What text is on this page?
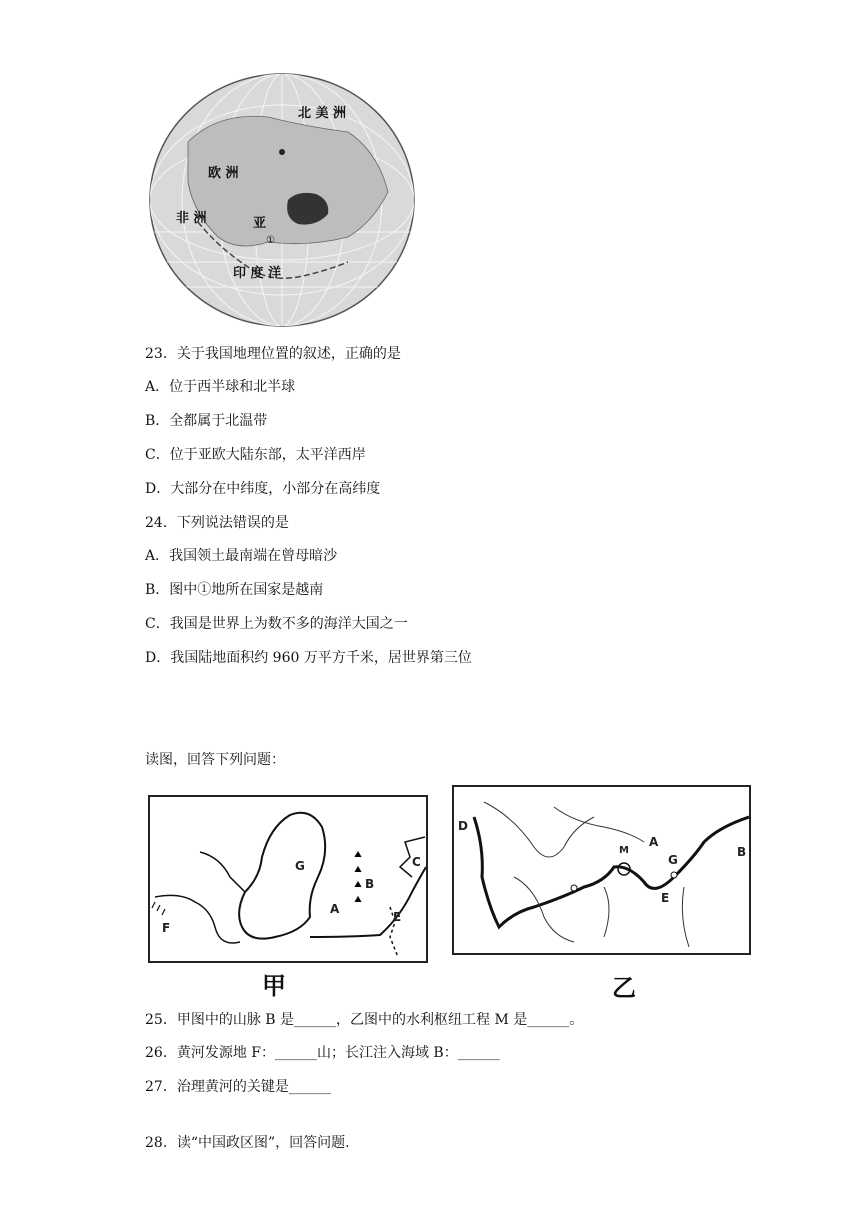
北 美 洲
欧 洲
非 洲	亚
①
印 度 洋
23．关于我国地理位置的叙述，正确的是
A．位于西半球和北半球
B．全都属于北温带
C．位于亚欧大陆东部，太平洋西岸
D．大部分在中纬度，小部分在高纬度
24．下列说法错误的是
A．我国领土最南端在曾母暗沙
B．图中①地所在国家是越南
C．我国是世界上为数不多的海洋大国之一
D．我国陆地面积约 960 万平方千米，居世界第三位
读图，回答下列问题：
G
B
A
F
E
C
甲
D
A
M
G
E
B
乙
25．甲图中的山脉 B 是______，乙图中的水利枢纽工程 M 是______。
26．黄河发源地 F：______山；长江注入海域 B：______
27．治理黄河的关键是______
28．读“中国政区图”，回答问题.
